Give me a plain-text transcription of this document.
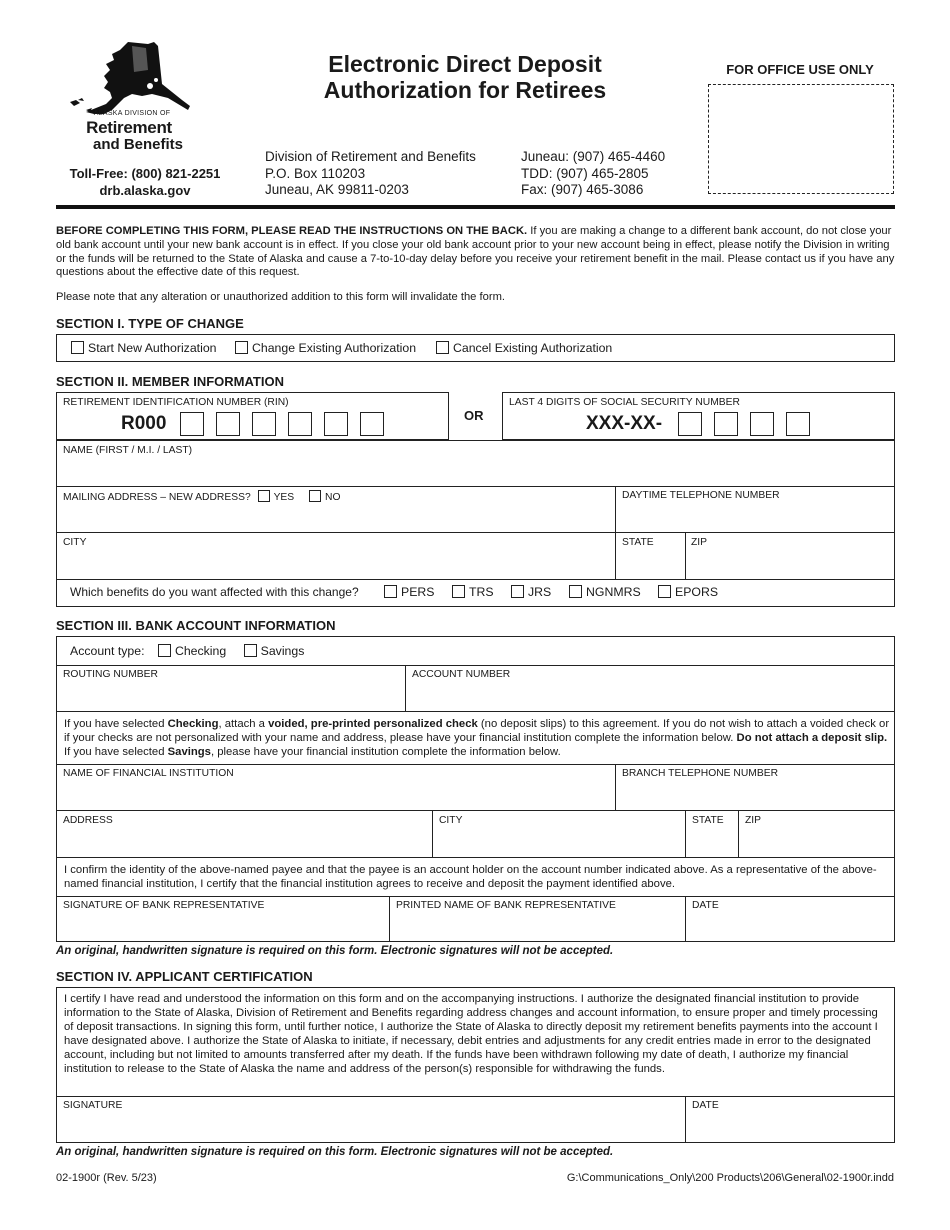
ALASKA DIVISION OF
Retirement
and Benefits
Toll-Free: (800) 821-2251
drb.alaska.gov
Electronic Direct Deposit
Authorization for Retirees
Division of Retirement and Benefits
P.O. Box 110203
Juneau, AK 99811-0203
Juneau: (907) 465-4460
TDD: (907) 465-2805
Fax: (907) 465-3086
FOR OFFICE USE ONLY
BEFORE COMPLETING THIS FORM, PLEASE READ THE INSTRUCTIONS ON THE BACK. If you are making a change to a different bank account, do not close your old bank account until your new bank account is in effect. If you close your old bank account prior to your new account being in effect, please notify the Division in writing or the funds will be returned to the State of Alaska and cause a 7-to-10-day delay before you receive your retirement benefit in the mail. Please contact us if you have any questions about the effective date of this request.
Please note that any alteration or unauthorized addition to this form will invalidate the form.
SECTION I. TYPE OF CHANGE
Start New Authorization	Change Existing Authorization	Cancel Existing Authorization
SECTION II. MEMBER INFORMATION
RETIREMENT IDENTIFICATION NUMBER (RIN)
R000	OR
LAST 4 DIGITS OF SOCIAL SECURITY NUMBER
XXX-XX-
NAME (FIRST / M.I. / LAST)
MAILING ADDRESS – NEW ADDRESS? YES	NO	DAYTIME TELEPHONE NUMBER
CITY	STATE	ZIP
Which benefits do you want affected with this change?	PERS	TRS	JRS	NGNMRS	EPORS
SECTION III. BANK ACCOUNT INFORMATION
Account type: Checking	Savings
ROUTING NUMBER	ACCOUNT NUMBER
If you have selected Checking, attach a voided, pre-printed personalized check (no deposit slips) to this agreement. If you do not wish to attach a voided check or if your checks are not personalized with your name and address, please have your financial institution complete the information below. Do not attach a deposit slip. If you have selected Savings, please have your financial institution complete the information below.
NAME OF FINANCIAL INSTITUTION	BRANCH TELEPHONE NUMBER
ADDRESS	CITY	STATE ZIP
I confirm the identity of the above-named payee and that the payee is an account holder on the account number indicated above. As a representative of the above-named financial institution, I certify that the financial institution agrees to receive and deposit the payment identified above.
SIGNATURE OF BANK REPRESENTATIVE	PRINTED NAME OF BANK REPRESENTATIVE	DATE
An original, handwritten signature is required on this form. Electronic signatures will not be accepted.
SECTION IV. APPLICANT CERTIFICATION
I certify I have read and understood the information on this form and on the accompanying instructions. I authorize the designated financial institution to provide information to the State of Alaska, Division of Retirement and Benefits regarding address changes and account information, to ensure proper and timely processing of deposit transactions. In signing this form, until further notice, I authorize the State of Alaska to directly deposit my retirement benefits payments into the account I have designated above. I authorize the State of Alaska to initiate, if necessary, debit entries and adjustments for any credit entries made in error to the designated account, including but not limited to amounts transferred after my death. If the funds have been withdrawn following my date of death, I authorize my financial institution to release to the State of Alaska the name and address of the person(s) responsible for withdrawing the funds.
SIGNATURE	DATE
An original, handwritten signature is required on this form. Electronic signatures will not be accepted.
02-1900r (Rev. 5/23)	G:\Communications_Only\200 Products\206\General\02-1900r.indd
